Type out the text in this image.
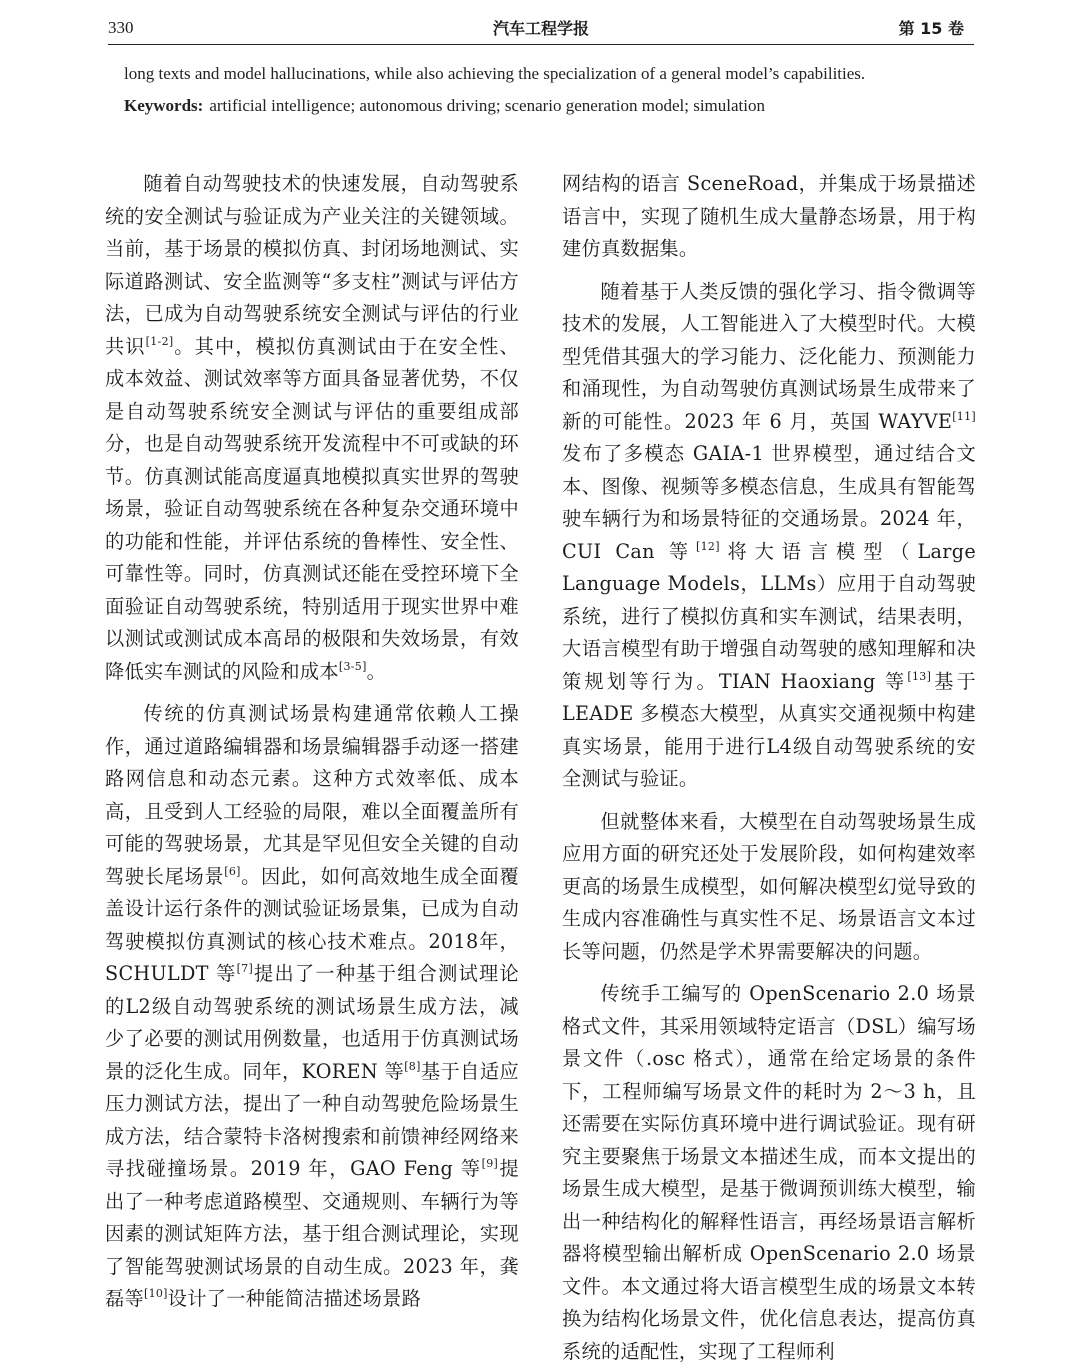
330	汽车工程学报	第 15 卷
long texts and model hallucinations, while also achieving the specialization of a general model’s capabilities.
Keywords: artificial intelligence; autonomous driving; scenario generation model; simulation

随着自动驾驶技术的快速发展，自动驾驶系统的安全测试与验证成为产业关注的关键领域。当前，基于场景的模拟仿真、封闭场地测试、实际道路测试、安全监测等“多支柱”测试与评估方法，已成为自动驾驶系统安全测试与评估的行业共识[1-2]。其中，模拟仿真测试由于在安全性、成本效益、测试效率等方面具备显著优势，不仅是自动驾驶系统安全测试与评估的重要组成部分，也是自动驾驶系统开发流程中不可或缺的环节。仿真测试能高度逼真地模拟真实世界的驾驶场景，验证自动驾驶系统在各种复杂交通环境中的功能和性能，并评估系统的鲁棒性、安全性、可靠性等。同时，仿真测试还能在受控环境下全面验证自动驾驶系统，特别适用于现实世界中难以测试或测试成本高昂的极限和失效场景，有效降低实车测试的风险和成本[3-5]。

传统的仿真测试场景构建通常依赖人工操作，通过道路编辑器和场景编辑器手动逐一搭建路网信息和动态元素。这种方式效率低、成本高，且受到人工经验的局限，难以全面覆盖所有可能的驾驶场景，尤其是罕见但安全关键的自动驾驶长尾场景[6]。因此，如何高效地生成全面覆盖设计运行条件的测试验证场景集，已成为自动驾驶模拟仿真测试的核心技术难点。2018年，SCHULDT 等[7]提出了一种基于组合测试理论的L2级自动驾驶系统的测试场景生成方法，减少了必要的测试用例数量，也适用于仿真测试场景的泛化生成。同年，KOREN 等[8]基于自适应压力测试方法，提出了一种自动驾驶危险场景生成方法，结合蒙特卡洛树搜索和前馈神经网络来寻找碰撞场景。2019 年，GAO Feng 等[9]提出了一种考虑道路模型、交通规则、车辆行为等因素的测试矩阵方法，基于组合测试理论，实现了智能驾驶测试场景的自动生成。2023 年，龚磊等[10]设计了一种能简洁描述场景路

网结构的语言 SceneRoad，并集成于场景描述语言中，实现了随机生成大量静态场景，用于构建仿真数据集。

随着基于人类反馈的强化学习、指令微调等技术的发展，人工智能进入了大模型时代。大模型凭借其强大的学习能力、泛化能力、预测能力和涌现性，为自动驾驶仿真测试场景生成带来了新的可能性。2023 年 6 月，英国 WAYVE[11]发布了多模态 GAIA-1 世界模型，通过结合文本、图像、视频等多模态信息，生成具有智能驾驶车辆行为和场景特征的交通场景。2024 年，CUI Can 等[12]将大语言模型（Large Language Models，LLMs）应用于自动驾驶系统，进行了模拟仿真和实车测试，结果表明，大语言模型有助于增强自动驾驶的感知理解和决策规划等行为。TIAN Haoxiang 等[13]基于 LEADE 多模态大模型，从真实交通视频中构建真实场景，能用于进行L4级自动驾驶系统的安全测试与验证。

但就整体来看，大模型在自动驾驶场景生成应用方面的研究还处于发展阶段，如何构建效率更高的场景生成模型，如何解决模型幻觉导致的生成内容准确性与真实性不足、场景语言文本过长等问题，仍然是学术界需要解决的问题。

传统手工编写的 OpenScenario 2.0 场景格式文件，其采用领域特定语言（DSL）编写场景文件（.osc 格式），通常在给定场景的条件下，工程师编写场景文件的耗时为 2～3 h，且还需要在实际仿真环境中进行调试验证。现有研究主要聚焦于场景文本描述生成，而本文提出的场景生成大模型，是基于微调预训练大模型，输出一种结构化的解释性语言，再经场景语言解析器将模型输出解析成 OpenScenario 2.0 场景文件。本文通过将大语言模型生成的场景文本转换为结构化场景文件，优化信息表达，提高仿真系统的适配性，实现了工程师利
